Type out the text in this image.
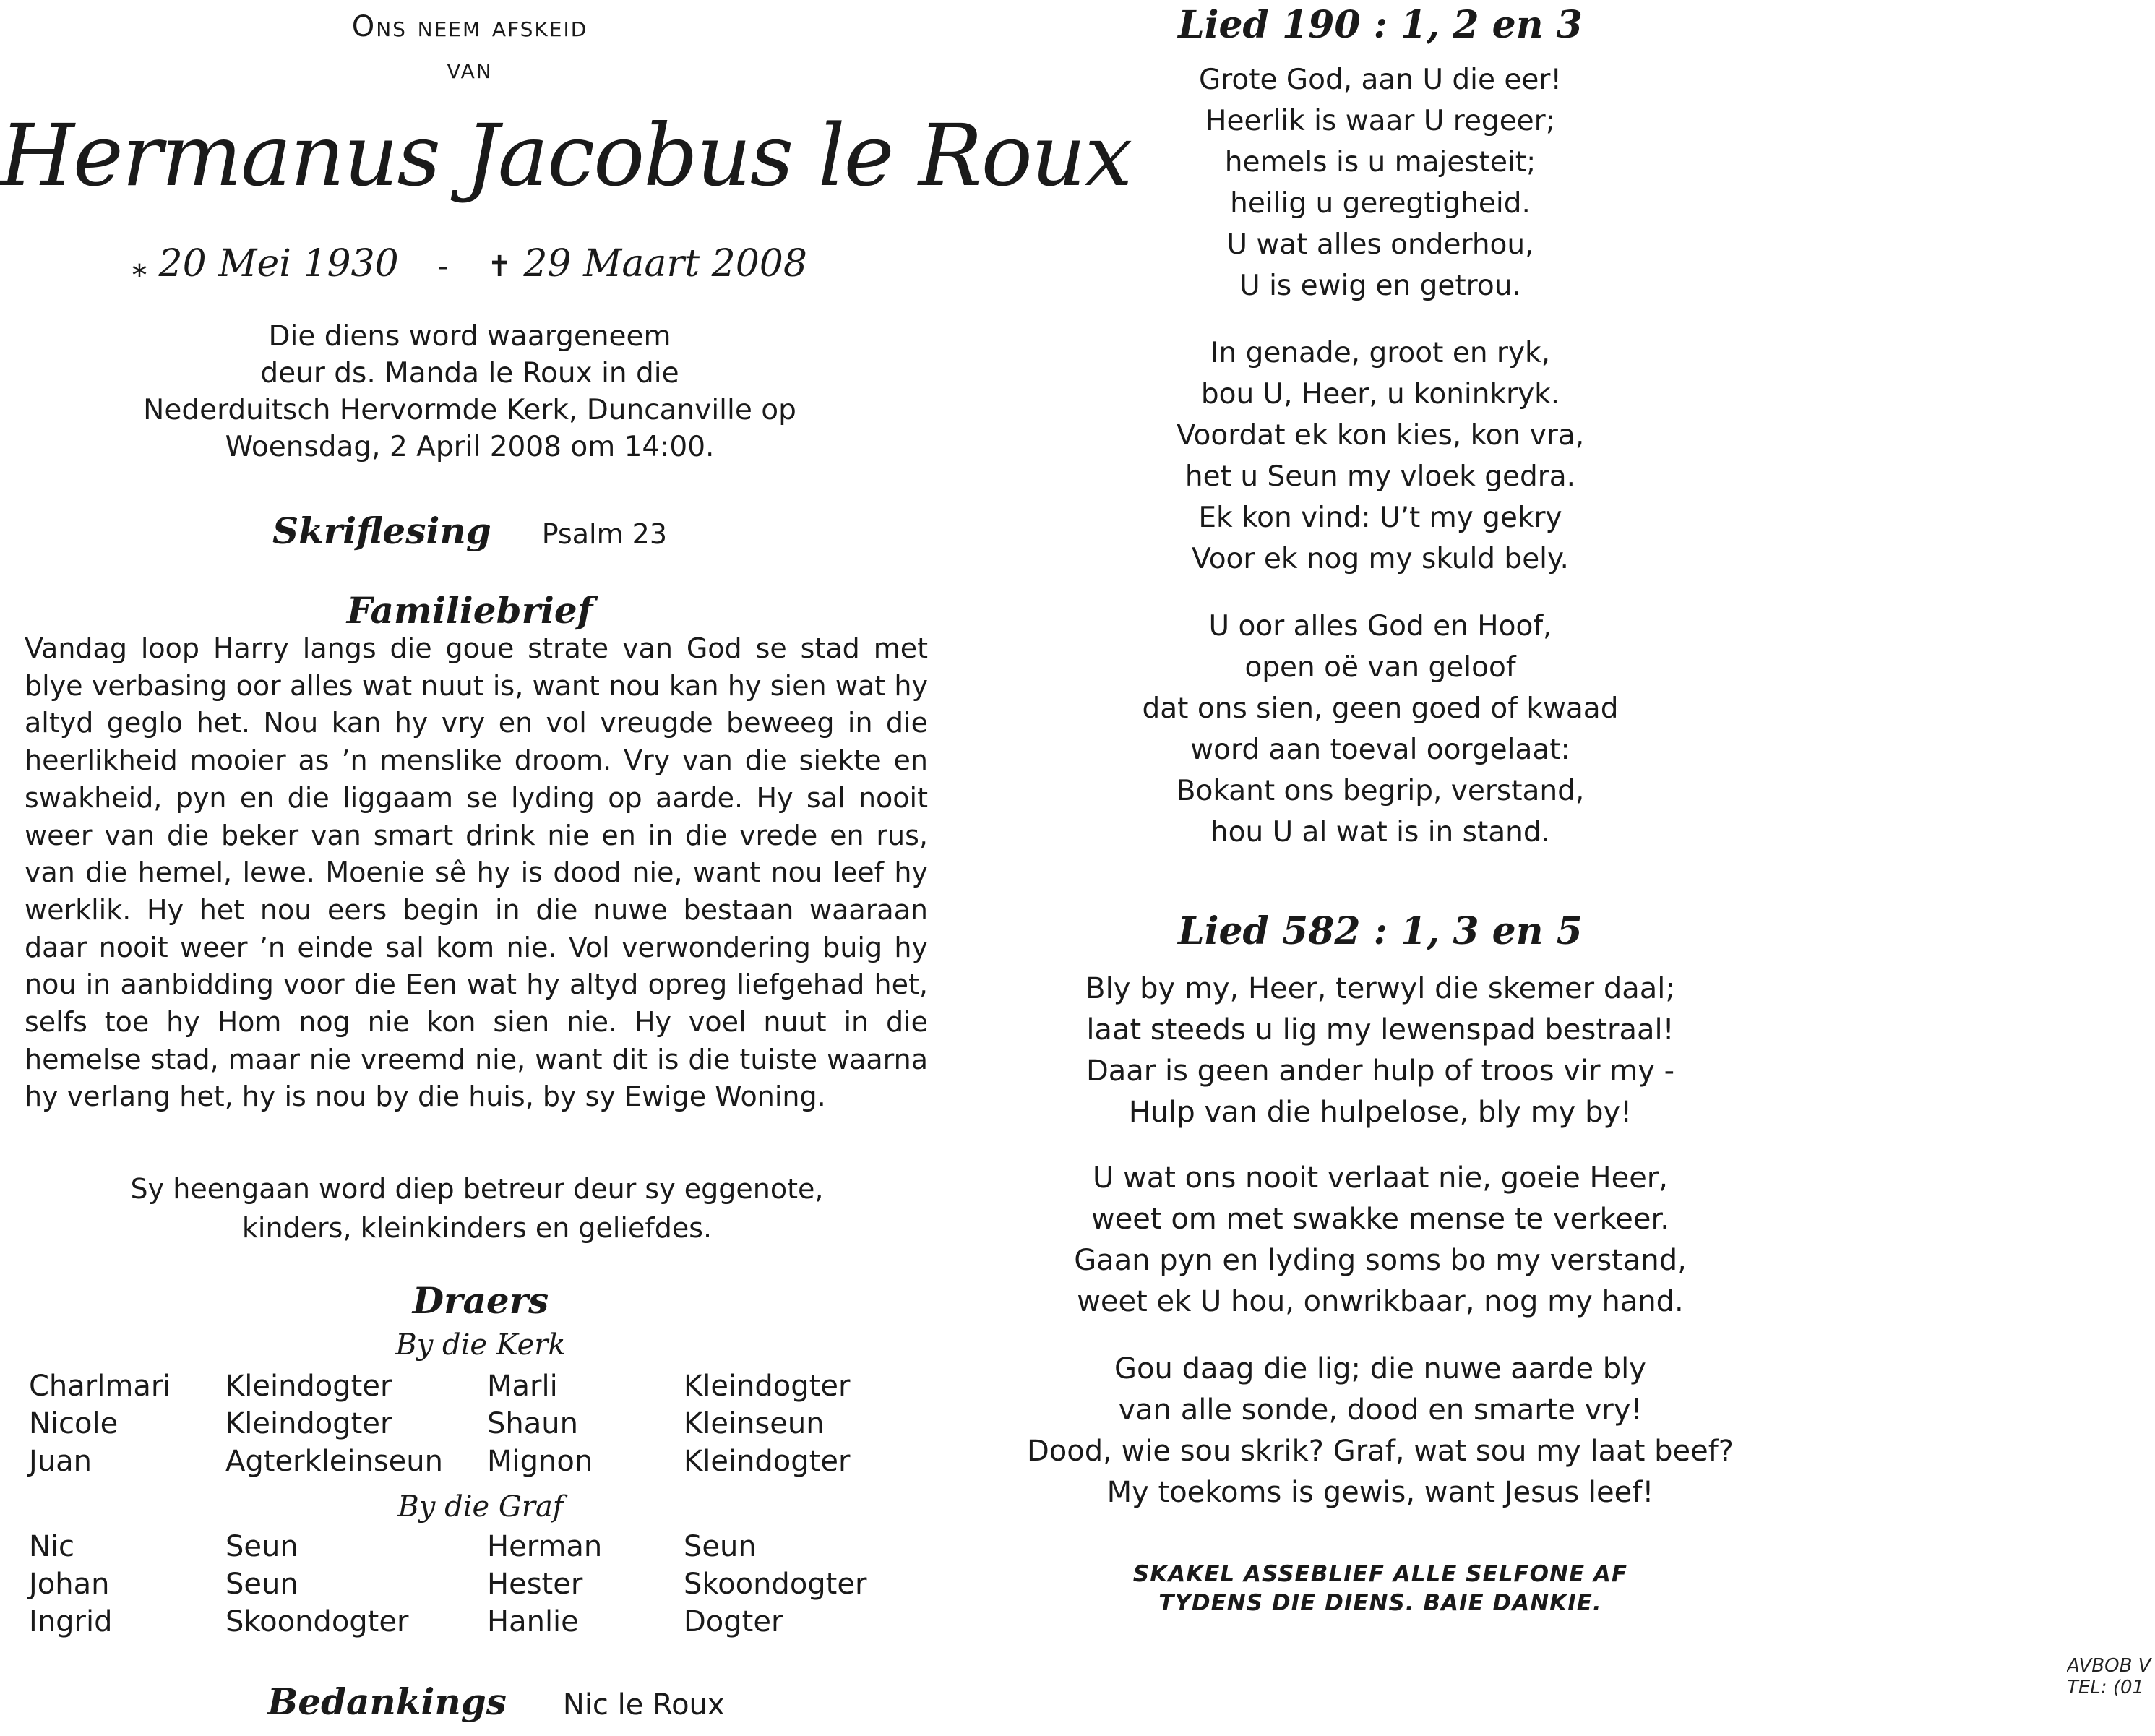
Ons neem afskeid
van
Hermanus Jacobus le Roux
⁎ 20 Mei 1930 - ✝ 29 Maart 2008
Die diens word waargeneem
deur ds. Manda le Roux in die
Nederduitsch Hervormde Kerk, Duncanville op
Woensdag, 2 April 2008 om 14:00.
Skriflesing Psalm 23
Familiebrief
Vandag loop Harry langs die goue strate van God se stad met blye verbasing oor alles wat nuut is, want nou kan hy sien wat hy altyd geglo het. Nou kan hy vry en vol vreugde beweeg in die heerlikheid mooier as ’n menslike droom. Vry van die siekte en swakheid, pyn en die liggaam se lyding op aarde. Hy sal nooit weer van die beker van smart drink nie en in die vrede en rus, van die hemel, lewe. Moenie sê hy is dood nie, want nou leef hy werklik. Hy het nou eers begin in die nuwe bestaan waaraan daar nooit weer ’n einde sal kom nie. Vol verwondering buig hy nou in aanbidding voor die Een wat hy altyd opreg liefgehad het, selfs toe hy Hom nog nie kon sien nie. Hy voel nuut in die hemelse stad, maar nie vreemd nie, want dit is die tuiste waarna hy verlang het, hy is nou by die huis, by sy Ewige Woning.
Sy heengaan word diep betreur deur sy eggenote,
kinders, kleinkinders en geliefdes.
Draers
By die Kerk
Charlmari	Kleindogter	Marli	Kleindogter
Nicole	Kleindogter	Shaun	Kleinseun
Juan	Agterkleinseun	Mignon	Kleindogter
By die Graf
Nic	Seun	Herman	Seun
Johan	Seun	Hester	Skoondogter
Ingrid	Skoondogter	Hanlie	Dogter
Bedankings Nic le Roux
Lied 190 : 1, 2 en 3
Grote God, aan U die eer!
Heerlik is waar U regeer;
hemels is u majesteit;
heilig u geregtigheid.
U wat alles onderhou,
U is ewig en getrou.
In genade, groot en ryk,
bou U, Heer, u koninkryk.
Voordat ek kon kies, kon vra,
het u Seun my vloek gedra.
Ek kon vind: U’t my gekry
Voor ek nog my skuld bely.
U oor alles God en Hoof,
open oë van geloof
dat ons sien, geen goed of kwaad
word aan toeval oorgelaat:
Bokant ons begrip, verstand,
hou U al wat is in stand.
Lied 582 : 1, 3 en 5
Bly by my, Heer, terwyl die skemer daal;
laat steeds u lig my lewenspad bestraal!
Daar is geen ander hulp of troos vir my -
Hulp van die hulpelose, bly my by!
U wat ons nooit verlaat nie, goeie Heer,
weet om met swakke mense te verkeer.
Gaan pyn en lyding soms bo my verstand,
weet ek U hou, onwrikbaar, nog my hand.
Gou daag die lig; die nuwe aarde bly
van alle sonde, dood en smarte vry!
Dood, wie sou skrik? Graf, wat sou my laat beef?
My toekoms is gewis, want Jesus leef!
SKAKEL ASSEBLIEF ALLE SELFONE AF
TYDENS DIE DIENS. BAIE DANKIE.
AVBOB V
TEL: (01
